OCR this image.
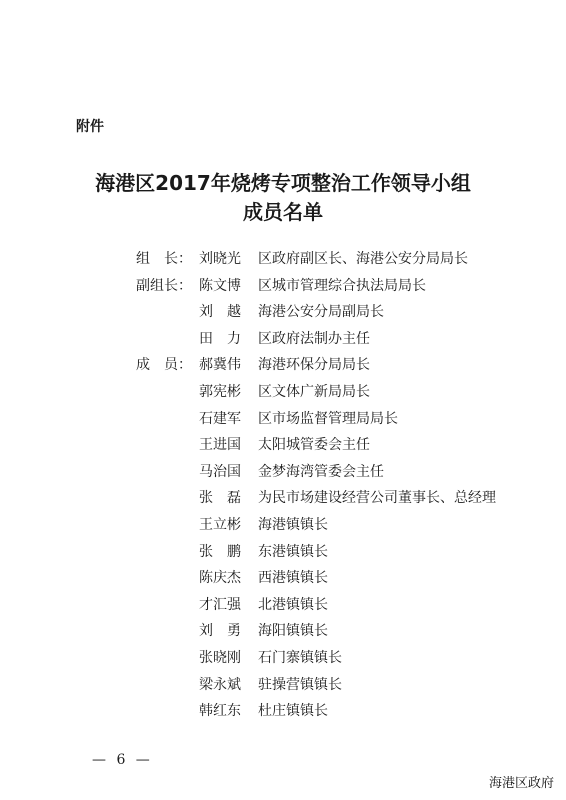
附件
海港区2017年烧烤专项整治工作领导小组
成员名单
组　长： 刘晓光	区政府副区长、海港公安分局局长
副组长： 陈文博	区城市管理综合执法局局长
刘　越	海港公安分局副局长
田　力	区政府法制办主任
成　员： 郝冀伟	海港环保分局局长
郭宪彬	区文体广新局局长
石建军	区市场监督管理局局长
王进国	太阳城管委会主任
马治国	金梦海湾管委会主任
张　磊	为民市场建设经营公司董事长、总经理
王立彬	海港镇镇长
张　鹏	东港镇镇长
陈庆杰	西港镇镇长
才汇强	北港镇镇长
刘　勇	海阳镇镇长
张晓刚	石门寨镇镇长
梁永斌	驻操营镇镇长
韩红东	杜庄镇镇长
— 6 —
海港区政府
